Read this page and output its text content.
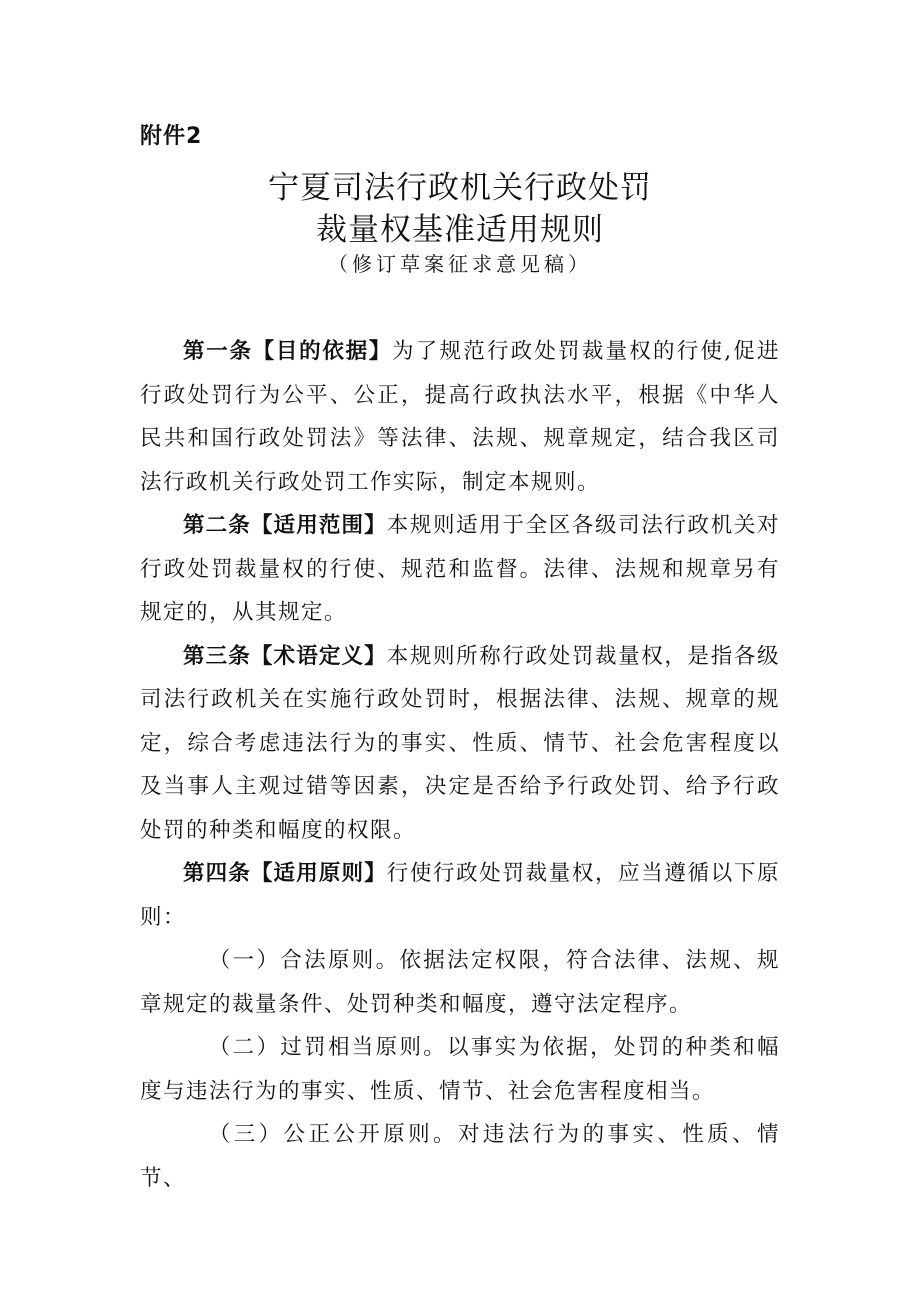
附件2
宁夏司法行政机关行政处罚
裁量权基准适用规则
（修订草案征求意见稿）

第一条【目的依据】为了规范行政处罚裁量权的行使,促进行政处罚行为公平、公正，提高行政执法水平，根据《中华人民共和国行政处罚法》等法律、法规、规章规定，结合我区司法行政机关行政处罚工作实际，制定本规则。

第二条【适用范围】本规则适用于全区各级司法行政机关对行政处罚裁量权的行使、规范和监督。法律、法规和规章另有规定的，从其规定。

第三条【术语定义】本规则所称行政处罚裁量权，是指各级司法行政机关在实施行政处罚时，根据法律、法规、规章的规定，综合考虑违法行为的事实、性质、情节、社会危害程度以及当事人主观过错等因素，决定是否给予行政处罚、给予行政处罚的种类和幅度的权限。

第四条【适用原则】行使行政处罚裁量权，应当遵循以下原则：

（一）合法原则。依据法定权限，符合法律、法规、规章规定的裁量条件、处罚种类和幅度，遵守法定程序。

（二）过罚相当原则。以事实为依据，处罚的种类和幅度与违法行为的事实、性质、情节、社会危害程度相当。

（三）公正公开原则。对违法行为的事实、性质、情节、
